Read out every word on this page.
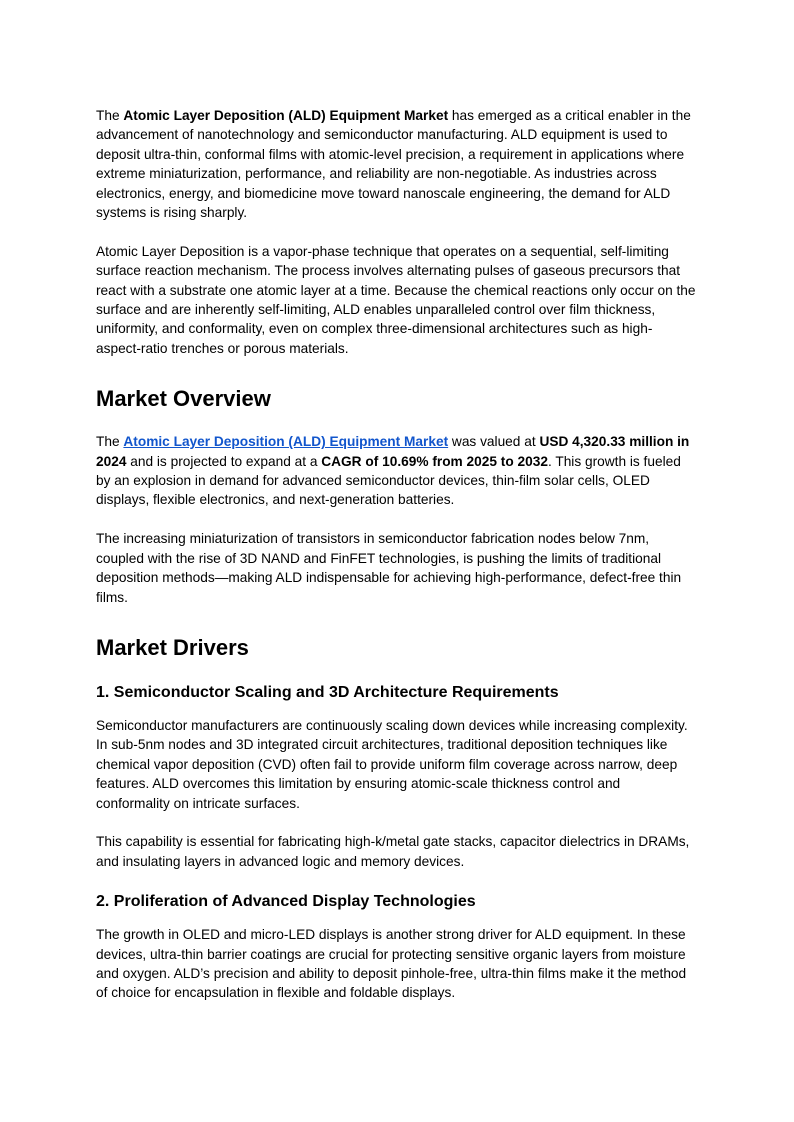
The Atomic Layer Deposition (ALD) Equipment Market has emerged as a critical enabler in the advancement of nanotechnology and semiconductor manufacturing. ALD equipment is used to deposit ultra-thin, conformal films with atomic-level precision, a requirement in applications where extreme miniaturization, performance, and reliability are non-negotiable. As industries across electronics, energy, and biomedicine move toward nanoscale engineering, the demand for ALD systems is rising sharply.

Atomic Layer Deposition is a vapor-phase technique that operates on a sequential, self-limiting surface reaction mechanism. The process involves alternating pulses of gaseous precursors that react with a substrate one atomic layer at a time. Because the chemical reactions only occur on the surface and are inherently self-limiting, ALD enables unparalleled control over film thickness, uniformity, and conformality, even on complex three-dimensional architectures such as high-aspect-ratio trenches or porous materials.

Market Overview

The Atomic Layer Deposition (ALD) Equipment Market was valued at USD 4,320.33 million in 2024 and is projected to expand at a CAGR of 10.69% from 2025 to 2032. This growth is fueled by an explosion in demand for advanced semiconductor devices, thin-film solar cells, OLED displays, flexible electronics, and next-generation batteries.

The increasing miniaturization of transistors in semiconductor fabrication nodes below 7nm, coupled with the rise of 3D NAND and FinFET technologies, is pushing the limits of traditional deposition methods—making ALD indispensable for achieving high-performance, defect-free thin films.

Market Drivers
1. Semiconductor Scaling and 3D Architecture Requirements

Semiconductor manufacturers are continuously scaling down devices while increasing complexity. In sub-5nm nodes and 3D integrated circuit architectures, traditional deposition techniques like chemical vapor deposition (CVD) often fail to provide uniform film coverage across narrow, deep features. ALD overcomes this limitation by ensuring atomic-scale thickness control and conformality on intricate surfaces.

This capability is essential for fabricating high-k/metal gate stacks, capacitor dielectrics in DRAMs, and insulating layers in advanced logic and memory devices.

2. Proliferation of Advanced Display Technologies

The growth in OLED and micro-LED displays is another strong driver for ALD equipment. In these devices, ultra-thin barrier coatings are crucial for protecting sensitive organic layers from moisture and oxygen. ALD’s precision and ability to deposit pinhole-free, ultra-thin films make it the method of choice for encapsulation in flexible and foldable displays.
